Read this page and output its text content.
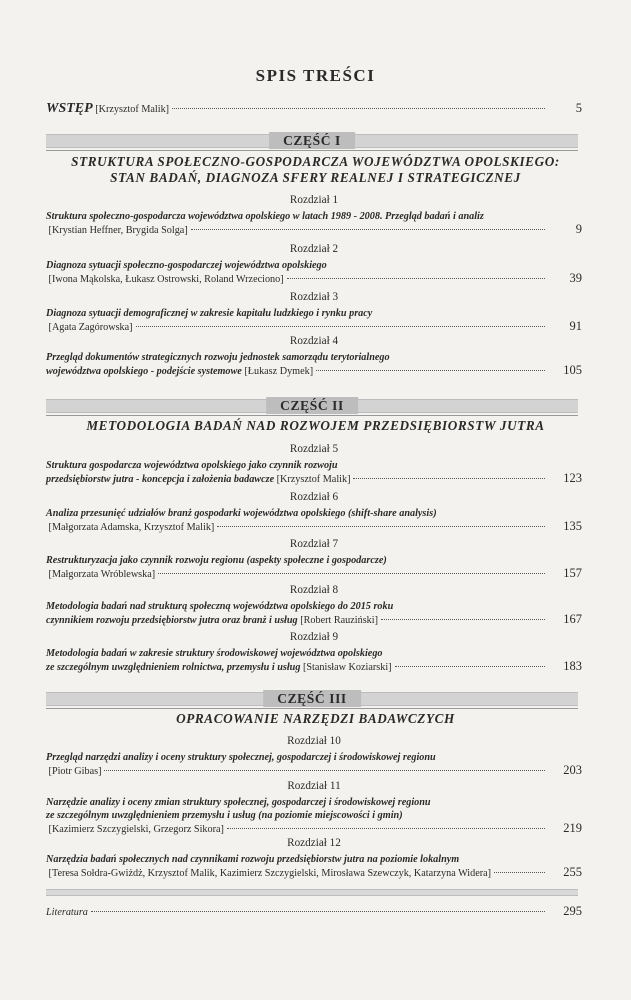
SPIS TREŚCI
WSTĘP [Krzysztof Malik]	5
CZĘŚĆ I
STRUKTURA SPOŁECZNO-GOSPODARCZA WOJEWÓDZTWA OPOLSKIEGO:
STAN BADAŃ, DIAGNOZA SFERY REALNEJ I STRATEGICZNEJ
Rozdział 1
Struktura społeczno-gospodarcza województwa opolskiego w latach 1989 - 2008. Przegląd badań i analiz
[Krystian Heffner, Brygida Solga]	9
Rozdział 2
Diagnoza sytuacji społeczno-gospodarczej województwa opolskiego
[Iwona Mąkolska, Łukasz Ostrowski, Roland Wrzeciono]	39
Rozdział 3
Diagnoza sytuacji demograficznej w zakresie kapitału ludzkiego i rynku pracy
[Agata Zagórowska]	91
Rozdział 4
Przegląd dokumentów strategicznych rozwoju jednostek samorządu terytorialnego
województwa opolskiego - podejście systemowe [Łukasz Dymek]	105
CZĘŚĆ II
METODOLOGIA BADAŃ NAD ROZWOJEM PRZEDSIĘBIORSTW JUTRA
Rozdział 5
Struktura gospodarcza województwa opolskiego jako czynnik rozwoju
przedsiębiorstw jutra - koncepcja i założenia badawcze [Krzysztof Malik]	123
Rozdział 6
Analiza przesunięć udziałów branż gospodarki województwa opolskiego (shift-share analysis)
[Małgorzata Adamska, Krzysztof Malik]	135
Rozdział 7
Restrukturyzacja jako czynnik rozwoju regionu (aspekty społeczne i gospodarcze)
[Małgorzata Wróblewska]	157
Rozdział 8
Metodologia badań nad strukturą społeczną województwa opolskiego do 2015 roku
czynnikiem rozwoju przedsiębiorstw jutra oraz branż i usług [Robert Rauziński]	167
Rozdział 9
Metodologia badań w zakresie struktury środowiskowej województwa opolskiego
ze szczególnym uwzględnieniem rolnictwa, przemysłu i usług [Stanisław Koziarski]	183
CZĘŚĆ III
OPRACOWANIE NARZĘDZI BADAWCZYCH
Rozdział 10
Przegląd narzędzi analizy i oceny struktury społecznej, gospodarczej i środowiskowej regionu
[Piotr Gibas]	203
Rozdział 11
Narzędzie analizy i oceny zmian struktury społecznej, gospodarczej i środowiskowej regionu
ze szczególnym uwzględnieniem przemysłu i usług (na poziomie miejscowości i gmin)
[Kazimierz Szczygielski, Grzegorz Sikora]	219
Rozdział 12
Narzędzia badań społecznych nad czynnikami rozwoju przedsiębiorstw jutra na poziomie lokalnym
[Teresa Sołdra-Gwiżdż, Krzysztof Malik, Kazimierz Szczygielski, Mirosława Szewczyk, Katarzyna Widera]	255
Literatura	295
